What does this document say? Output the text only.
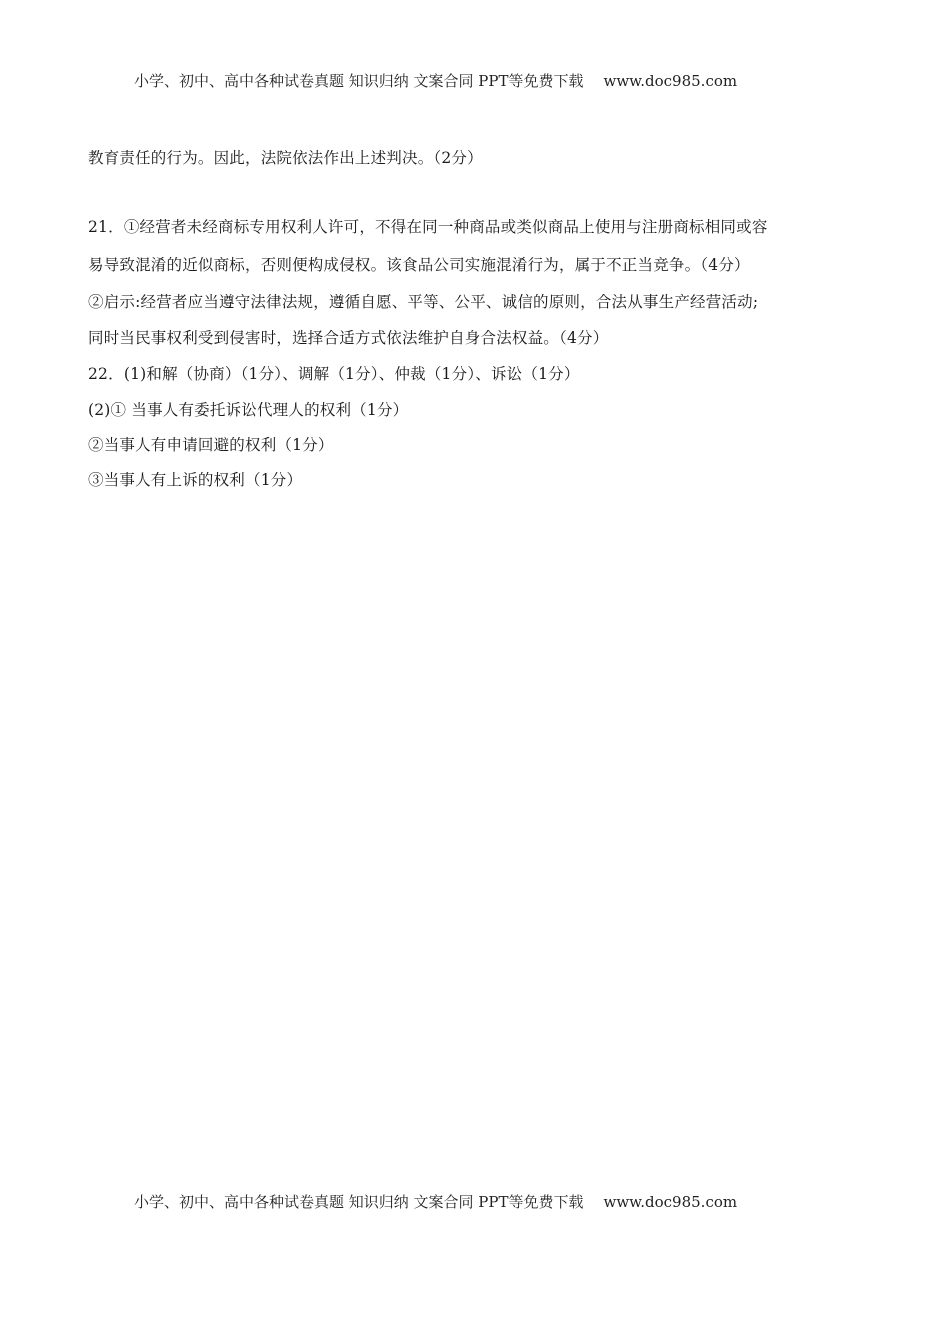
小学、初中、高中各种试卷真题 知识归纳 文案合同 PPT等免费下载 www.doc985.com
教育责任的行为。因此，法院依法作出上述判决。（2分）
21．①经营者未经商标专用权利人许可，不得在同一种商品或类似商品上使用与注册商标相同或容
易导致混淆的近似商标，否则便构成侵权。该食品公司实施混淆行为，属于不正当竞争。（4分）
②启示:经营者应当遵守法律法规，遵循自愿、平等、公平、诚信的原则，合法从事生产经营活动;
同时当民事权利受到侵害时，选择合适方式依法维护自身合法权益。（4分）
22．(1)和解（协商）（1分）、调解（1分）、仲裁（1分）、诉讼（1分）
(2)① 当事人有委托诉讼代理人的权利（1分）
②当事人有申请回避的权利（1分）
③当事人有上诉的权利（1分）
小学、初中、高中各种试卷真题 知识归纳 文案合同 PPT等免费下载 www.doc985.com
